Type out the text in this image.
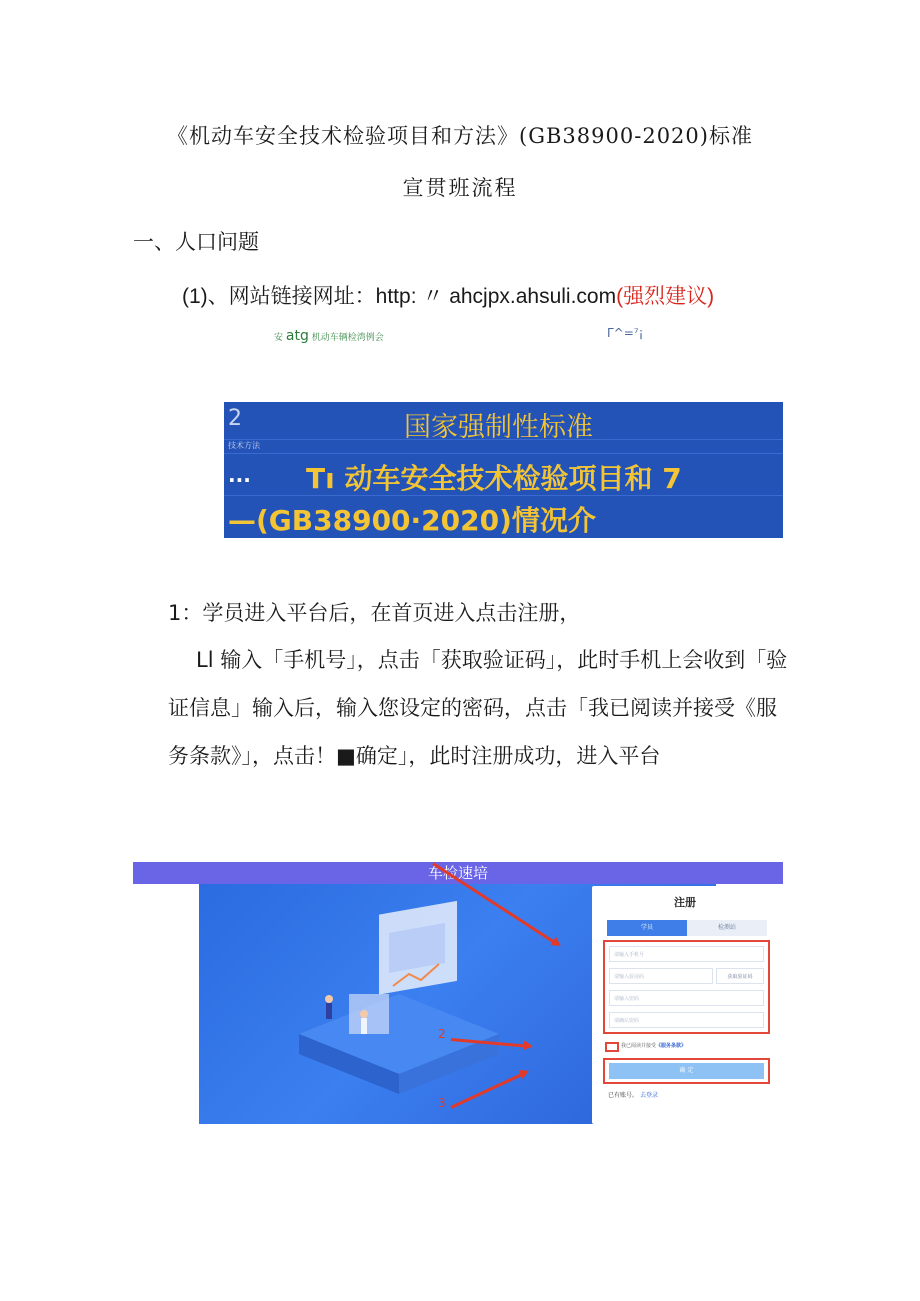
《机动车安全技术检验项目和方法》(GB38900-2020)标准
宣贯班流程
一、人口问题
(1)、网站链接网址：http: 〃 ahcjpx.ahsuli.com(强烈建议)
安 atg 机动车辆检湾例会	Γ^=⁷¡
2	国家强制性标准
技术方法
... Tı 动车安全技术检验项目和 7
—(GB38900·2020)情况介
1：学员进入平台后，在首页进入点击注册，
Ll 输入「手机号」，点击「获取验证码」，此时手机上会收到「验证信息」输入后，输入您设定的密码，点击「我已阅读并接受《服务条款》」，点击！■确定」，此时注册成功，进入平台
车检速培
注册
学员	检测站
请输入手机号
请输入验证码	获取验证码
请输入密码
请确认密码
我已阅读并接受《服务条款》
确 定
已有账号。 去登录
2
3
